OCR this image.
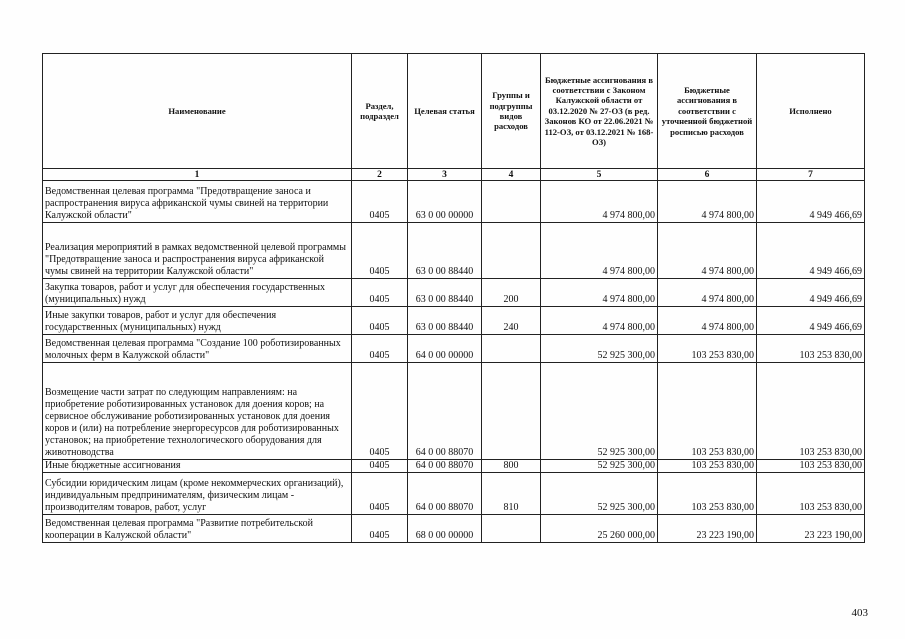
Наименование	Раздел, подраздел	Целевая статья	Группы и подгруппы видов расходов	Бюджетные ассигнования в соответствии с Законом Калужской области от 03.12.2020 № 27-ОЗ (в ред. Законов КО от 22.06.2021 № 112-ОЗ, от 03.12.2021 № 168-ОЗ)	Бюджетные ассигнования в соответствии с уточненной бюджетной росписью расходов	Исполнено
1	2	3	4	5	6	7
Ведомственная целевая программа "Предотвращение заноса и распространения вируса африканской чумы свиней на территории Калужской области"	0405	63 0 00 00000		4 974 800,00	4 974 800,00	4 949 466,69
Реализация мероприятий в рамках ведомственной целевой программы "Предотвращение заноса и распространения вируса африканской чумы свиней на территории Калужской области"	0405	63 0 00 88440		4 974 800,00	4 974 800,00	4 949 466,69
Закупка товаров, работ и услуг для обеспечения государственных (муниципальных) нужд	0405	63 0 00 88440	200	4 974 800,00	4 974 800,00	4 949 466,69
Иные закупки товаров, работ и услуг для обеспечения государственных (муниципальных) нужд	0405	63 0 00 88440	240	4 974 800,00	4 974 800,00	4 949 466,69
Ведомственная целевая программа "Создание 100 роботизированных молочных ферм в Калужской области"	0405	64 0 00 00000		52 925 300,00	103 253 830,00	103 253 830,00
Возмещение части затрат по следующим направлениям: на приобретение роботизированных установок для доения коров; на сервисное обслуживание роботизированных установок для доения коров и (или) на потребление энергоресурсов для роботизированных установок; на приобретение технологического оборудования для животноводства	0405	64 0 00 88070		52 925 300,00	103 253 830,00	103 253 830,00
Иные бюджетные ассигнования	0405	64 0 00 88070	800	52 925 300,00	103 253 830,00	103 253 830,00
Субсидии юридическим лицам (кроме некоммерческих организаций), индивидуальным предпринимателям, физическим лицам - производителям товаров, работ, услуг	0405	64 0 00 88070	810	52 925 300,00	103 253 830,00	103 253 830,00
Ведомственная целевая программа "Развитие потребительской кооперации в Калужской области"	0405	68 0 00 00000		25 260 000,00	23 223 190,00	23 223 190,00
403
